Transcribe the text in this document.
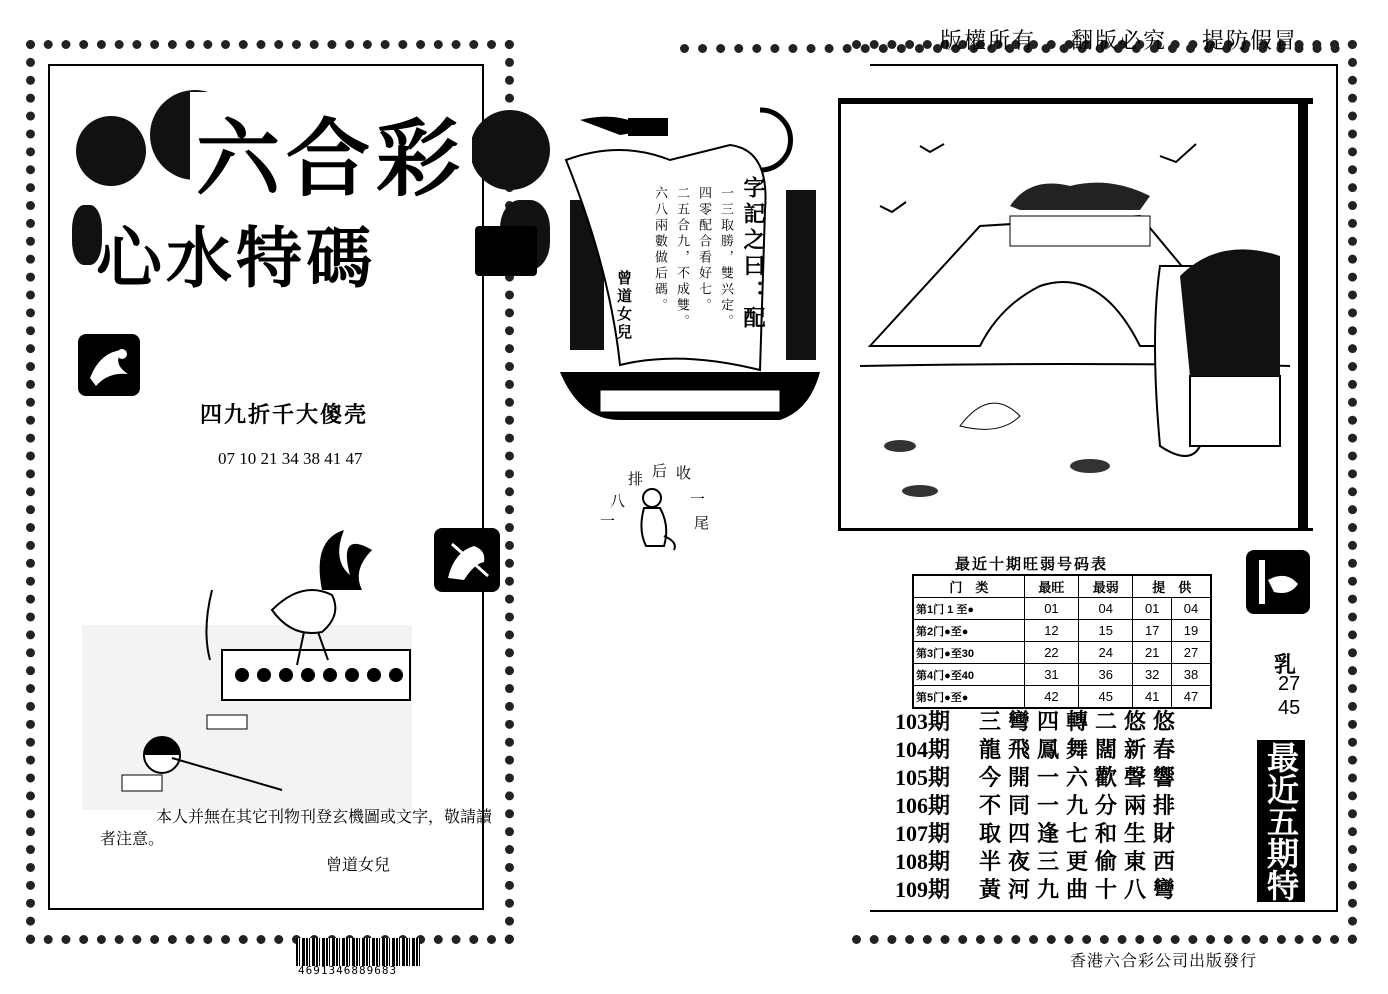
版權所有 翻版必究 提防假冒
六合彩
心水特碼
四九折千大傻壳
07 10 21 34 38 41 47
本人并無在其它刊物刊登玄機圖或文字，敬請讀者注意。
曾道女兒
4691346889683
字記之曰：配
一三取勝，雙兴定。
四零配合看好七。
二五合九，不成雙。
六八兩數做后碼。
曾道女兒
排 后 收
八
一
一
尾
最近十期旺弱号码表
门　类	最旺	最弱	提　供	
第1门 1 至●	01	04	01	04
第2门●至●	12	15	17	19
第3门●至30	22	24	21	27
第4门●至40	31	36	32	38
第5门●至●	42	45	41	47
103期 三彎四轉二悠悠
104期 龍飛鳳舞闊新春
105期 今開一六歡聲響
106期 不同一九分兩排
107期 取四逢七和生財
108期 半夜三更偷東西
109期 黃河九曲十八彎
乳
27
45
最近五期特码诗
香港六合彩公司出版發行
